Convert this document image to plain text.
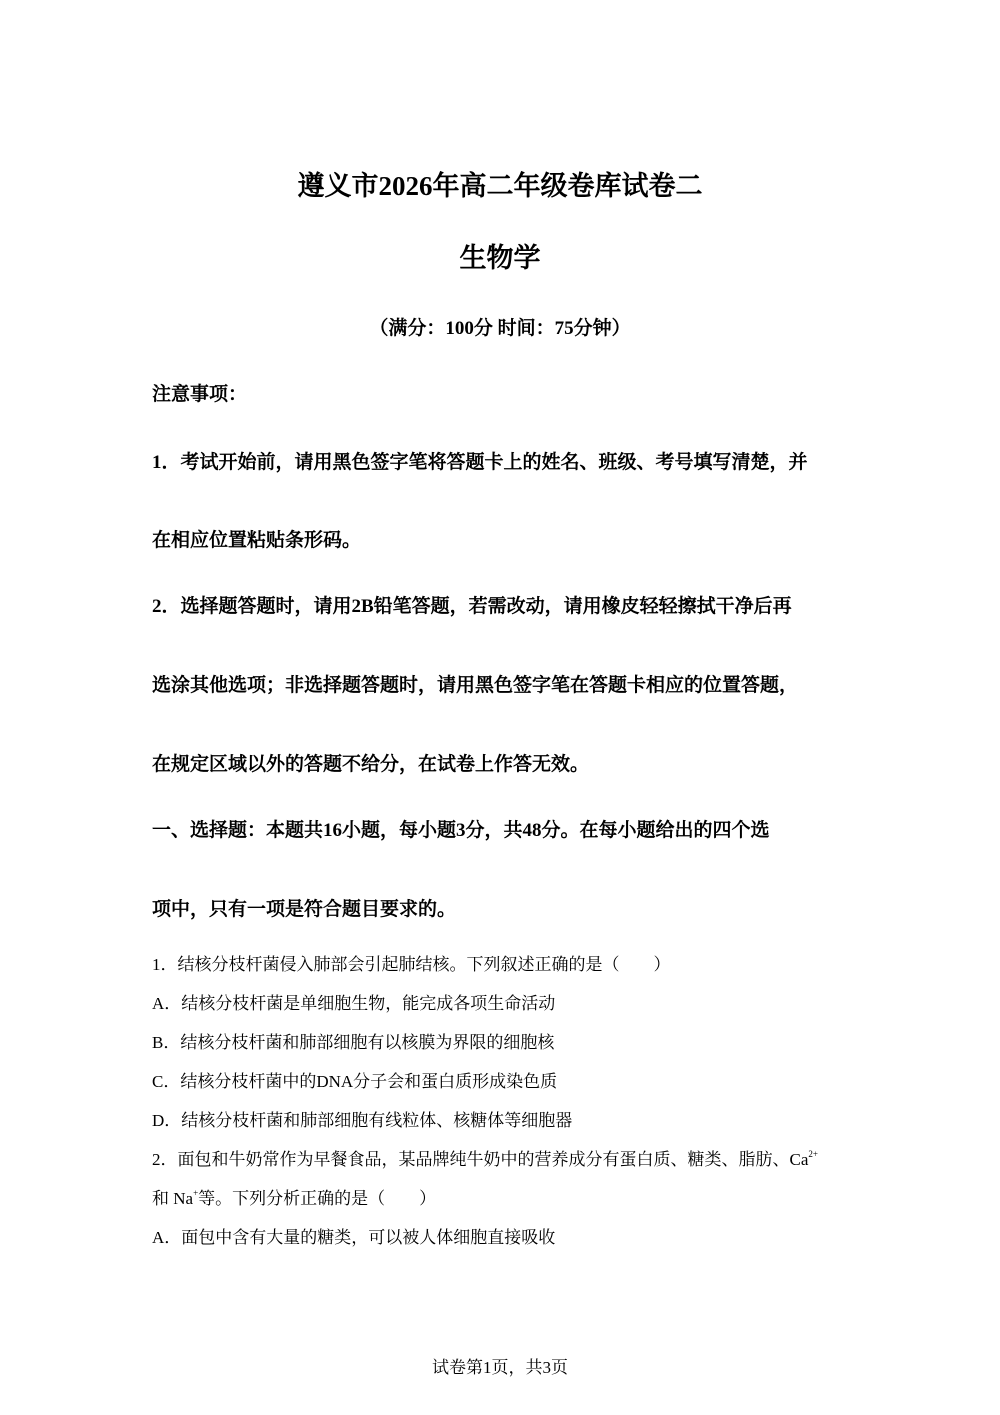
遵义市2026年高二年级卷库试卷二
生物学
（满分：100分 时间：75分钟）
注意事项：
1．考试开始前，请用黑色签字笔将答题卡上的姓名、班级、考号填写清楚，并
在相应位置粘贴条形码。
2．选择题答题时，请用2B铅笔答题，若需改动，请用橡皮轻轻擦拭干净后再
选涂其他选项；非选择题答题时，请用黑色签字笔在答题卡相应的位置答题，
在规定区域以外的答题不给分，在试卷上作答无效。
一、选择题：本题共16小题，每小题3分，共48分。在每小题给出的四个选
项中，只有一项是符合题目要求的。
1．结核分枝杆菌侵入肺部会引起肺结核。下列叙述正确的是（　　）
A．结核分枝杆菌是单细胞生物，能完成各项生命活动
B．结核分枝杆菌和肺部细胞有以核膜为界限的细胞核
C．结核分枝杆菌中的DNA分子会和蛋白质形成染色质
D．结核分枝杆菌和肺部细胞有线粒体、核糖体等细胞器
2．面包和牛奶常作为早餐食品，某品牌纯牛奶中的营养成分有蛋白质、糖类、脂肪、$Ca^{2+}$
和 Na+等。下列分析正确的是（　　）
A．面包中含有大量的糖类，可以被人体细胞直接吸收
试卷第1页，共3页
